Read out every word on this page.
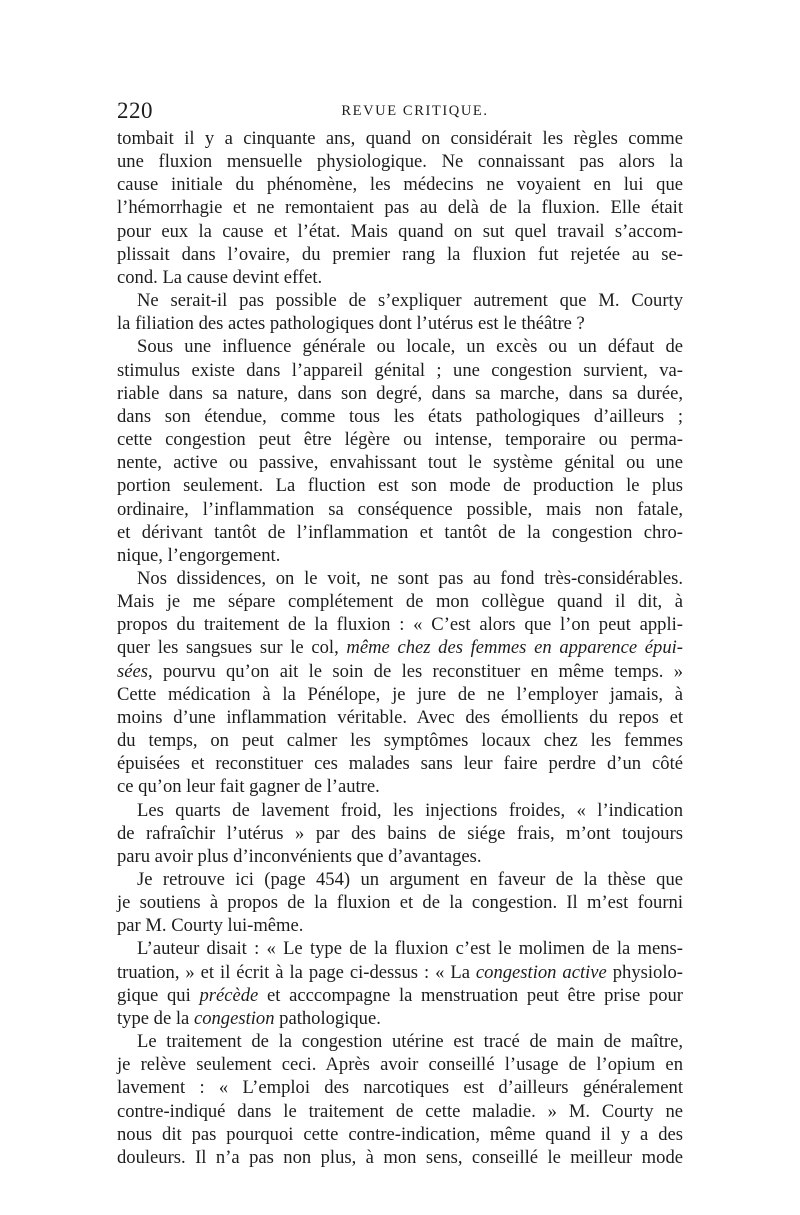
220	REVUE CRITIQUE.
tombait il y a cinquante ans, quand on considérait les règles comme
une fluxion mensuelle physiologique. Ne connaissant pas alors la
cause initiale du phénomène, les médecins ne voyaient en lui que
l’hémorrhagie et ne remontaient pas au delà de la fluxion. Elle était
pour eux la cause et l’état. Mais quand on sut quel travail s’accom-
plissait dans l’ovaire, du premier rang la fluxion fut rejetée au se-
cond. La cause devint effet.
Ne serait-il pas possible de s’expliquer autrement que M. Courty
la filiation des actes pathologiques dont l’utérus est le théâtre ?
Sous une influence générale ou locale, un excès ou un défaut de
stimulus existe dans l’appareil génital ; une congestion survient, va-
riable dans sa nature, dans son degré, dans sa marche, dans sa durée,
dans son étendue, comme tous les états pathologiques d’ailleurs ;
cette congestion peut être légère ou intense, temporaire ou perma-
nente, active ou passive, envahissant tout le système génital ou une
portion seulement. La fluction est son mode de production le plus
ordinaire, l’inflammation sa conséquence possible, mais non fatale,
et dérivant tantôt de l’inflammation et tantôt de la congestion chro-
nique, l’engorgement.
Nos dissidences, on le voit, ne sont pas au fond très-considérables.
Mais je me sépare complétement de mon collègue quand il dit, à
propos du traitement de la fluxion : « C’est alors que l’on peut appli-
quer les sangsues sur le col, même chez des femmes en apparence épui-
sées, pourvu qu’on ait le soin de les reconstituer en même temps. »
Cette médication à la Pénélope, je jure de ne l’employer jamais, à
moins d’une inflammation véritable. Avec des émollients du repos et
du temps, on peut calmer les symptômes locaux chez les femmes
épuisées et reconstituer ces malades sans leur faire perdre d’un côté
ce qu’on leur fait gagner de l’autre.
Les quarts de lavement froid, les injections froides, « l’indication
de rafraîchir l’utérus » par des bains de siége frais, m’ont toujours
paru avoir plus d’inconvénients que d’avantages.
Je retrouve ici (page 454) un argument en faveur de la thèse que
je soutiens à propos de la fluxion et de la congestion. Il m’est fourni
par M. Courty lui-même.
L’auteur disait : « Le type de la fluxion c’est le molimen de la mens-
truation, » et il écrit à la page ci-dessus : « La congestion active physiolo-
gique qui précède et acccompagne la menstruation peut être prise pour
type de la congestion pathologique.
Le traitement de la congestion utérine est tracé de main de maître,
je relève seulement ceci. Après avoir conseillé l’usage de l’opium en
lavement : « L’emploi des narcotiques est d’ailleurs généralement
contre-indiqué dans le traitement de cette maladie. » M. Courty ne
nous dit pas pourquoi cette contre-indication, même quand il y a des
douleurs. Il n’a pas non plus, à mon sens, conseillé le meilleur mode
